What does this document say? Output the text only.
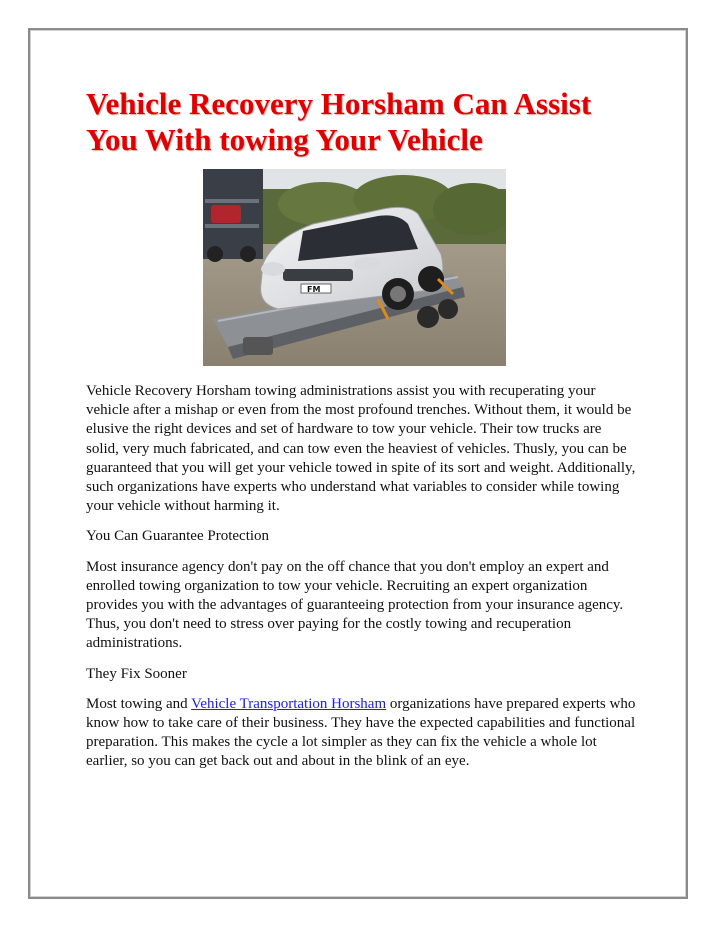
Vehicle Recovery Horsham Can Assist You With towing Your Vehicle
FM

Vehicle Recovery Horsham towing administrations assist you with recuperating your vehicle after a mishap or even from the most profound trenches. Without them, it would be elusive the right devices and set of hardware to tow your vehicle. Their tow trucks are solid, very much fabricated, and can tow even the heaviest of vehicles. Thusly, you can be guaranteed that you will get your vehicle towed in spite of its sort and weight. Additionally, such organizations have experts who understand what variables to consider while towing your vehicle without harming it.

You Can Guarantee Protection

Most insurance agency don't pay on the off chance that you don't employ an expert and enrolled towing organization to tow your vehicle. Recruiting an expert organization provides you with the advantages of guaranteeing protection from your insurance agency. Thus, you don't need to stress over paying for the costly towing and recuperation administrations.

They Fix Sooner

Most towing and Vehicle Transportation Horsham organizations have prepared experts who know how to take care of their business. They have the expected capabilities and functional preparation. This makes the cycle a lot simpler as they can fix the vehicle a whole lot earlier, so you can get back out and about in the blink of an eye.
